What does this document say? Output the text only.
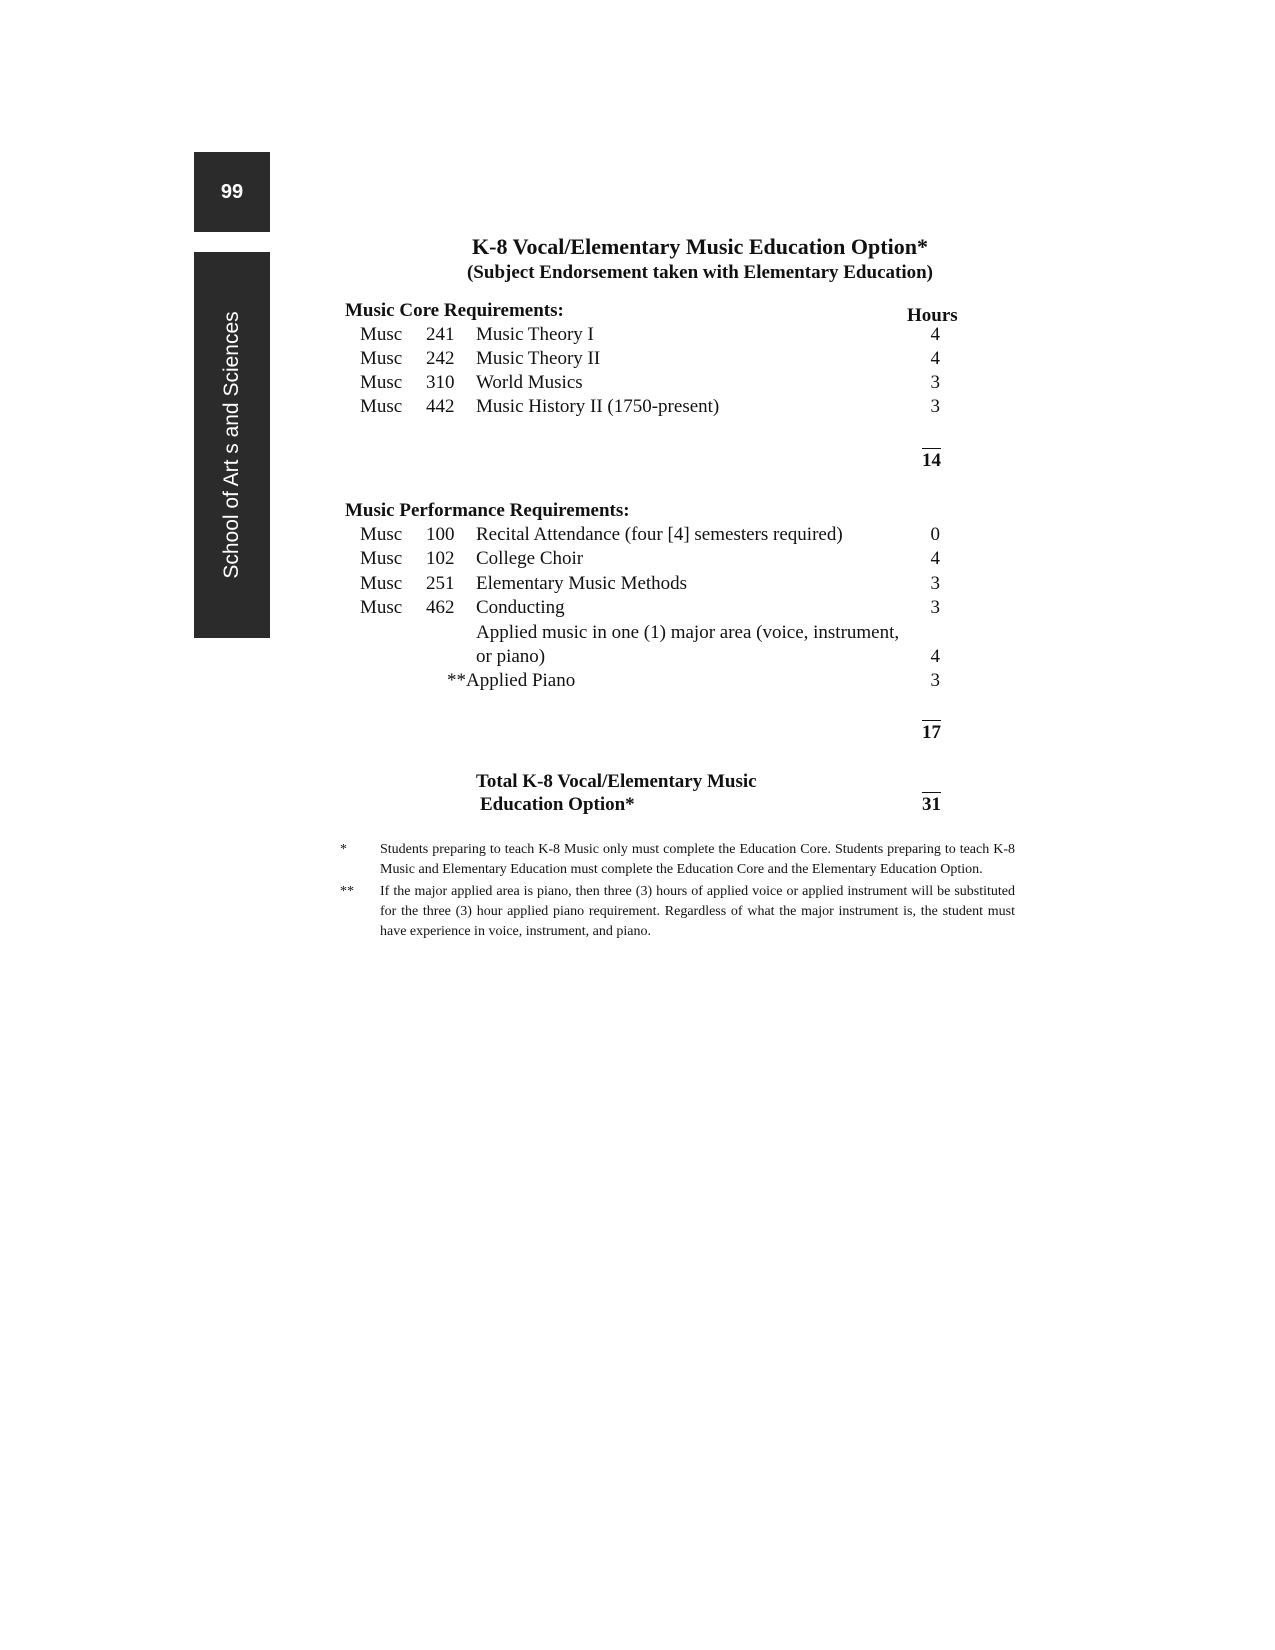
99
School of Art s and Sciences
K-8 Vocal/Elementary Music Education Option*
(Subject Endorsement taken with Elementary Education)
Music Core Requirements:	Hours
Musc 241 Music Theory I	4
Musc 242 Music Theory II	4
Musc 310 World Musics	3
Musc 442 Music History II (1750-present)	3
14
Music Performance Requirements:
Musc 100 Recital Attendance (four [4] semesters required)	0
Musc 102 College Choir	4
Musc 251 Elementary Music Methods	3
Musc 462 Conducting	3
Applied music in one (1) major area (voice, instrument,
or piano)	4
**Applied Piano	3
17
Total K-8 Vocal/Elementary Music
Education Option*	31
* Students preparing to teach K-8 Music only must complete the Education Core. Students preparing to teach K-8 Music and Elementary Education must complete the Education Core and the Elementary Education Option.
** If the major applied area is piano, then three (3) hours of applied voice or applied instrument will be substituted for the three (3) hour applied piano requirement. Regardless of what the major instrument is, the student must have experience in voice, instrument, and piano.
